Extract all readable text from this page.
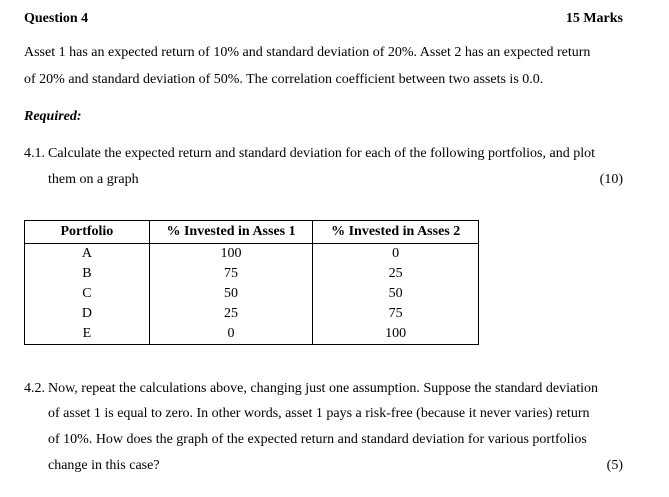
Question 4	15 Marks
Asset 1 has an expected return of 10% and standard deviation of 20%. Asset 2 has an expected return
of 20% and standard deviation of 50%. The correlation coefficient between two assets is 0.0.
Required:
4.1. Calculate the expected return and standard deviation for each of the following portfolios, and plot
them on a graph	(10)
Portfolio	% Invested in Asses 1	% Invested in Asses 2
A	100	0
B	75	25
C	50	50
D	25	75
E	0	100
4.2. Now, repeat the calculations above, changing just one assumption. Suppose the standard deviation
of asset 1 is equal to zero. In other words, asset 1 pays a risk-free (because it never varies) return
of 10%. How does the graph of the expected return and standard deviation for various portfolios
change in this case?	(5)
